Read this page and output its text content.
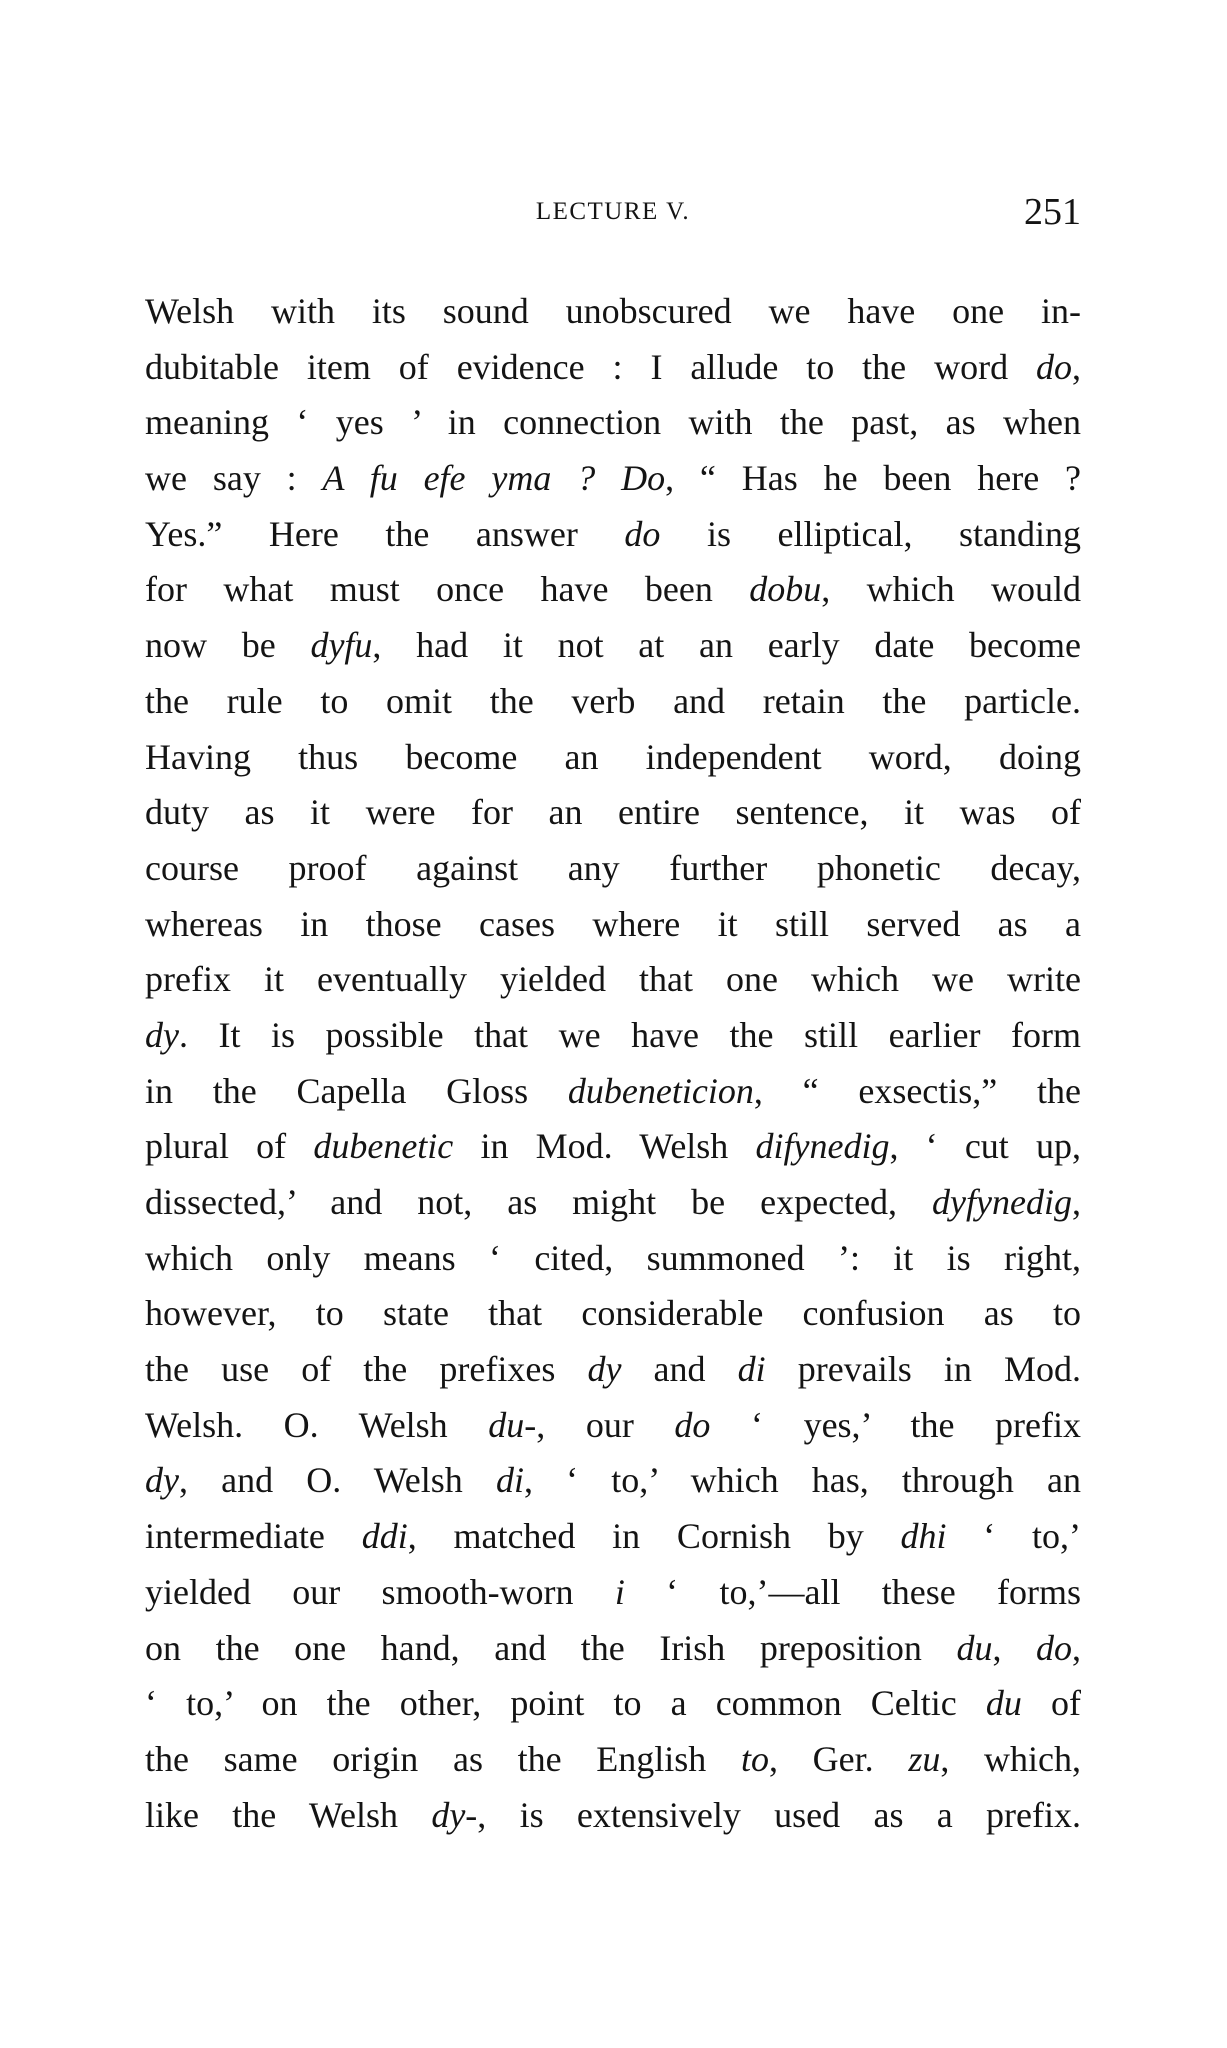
LECTURE V.	251
Welsh with its sound unobscured we have one in-
dubitable item of evidence : I allude to the word do,
meaning ‘ yes ’ in connection with the past, as when
we say : A fu efe yma ? Do, “ Has he been here ?
Yes.” Here the answer do is elliptical, standing
for what must once have been dobu, which would
now be dyfu, had it not at an early date become
the rule to omit the verb and retain the particle.
Having thus become an independent word, doing
duty as it were for an entire sentence, it was of
course proof against any further phonetic decay,
whereas in those cases where it still served as a
prefix it eventually yielded that one which we write
dy. It is possible that we have the still earlier form
in the Capella Gloss dubeneticion, “ exsectis,” the
plural of dubenetic in Mod. Welsh difynedig, ‘ cut up,
dissected,’ and not, as might be expected, dyfynedig,
which only means ‘ cited, summoned ’: it is right,
however, to state that considerable confusion as to
the use of the prefixes dy and di prevails in Mod.
Welsh. O. Welsh du-, our do ‘ yes,’ the prefix
dy, and O. Welsh di, ‘ to,’ which has, through an
intermediate ddi, matched in Cornish by dhi ‘ to,’
yielded our smooth-worn i ‘ to,’—all these forms
on the one hand, and the Irish preposition du, do,
‘ to,’ on the other, point to a common Celtic du of
the same origin as the English to, Ger. zu, which,
like the Welsh dy-, is extensively used as a prefix.
